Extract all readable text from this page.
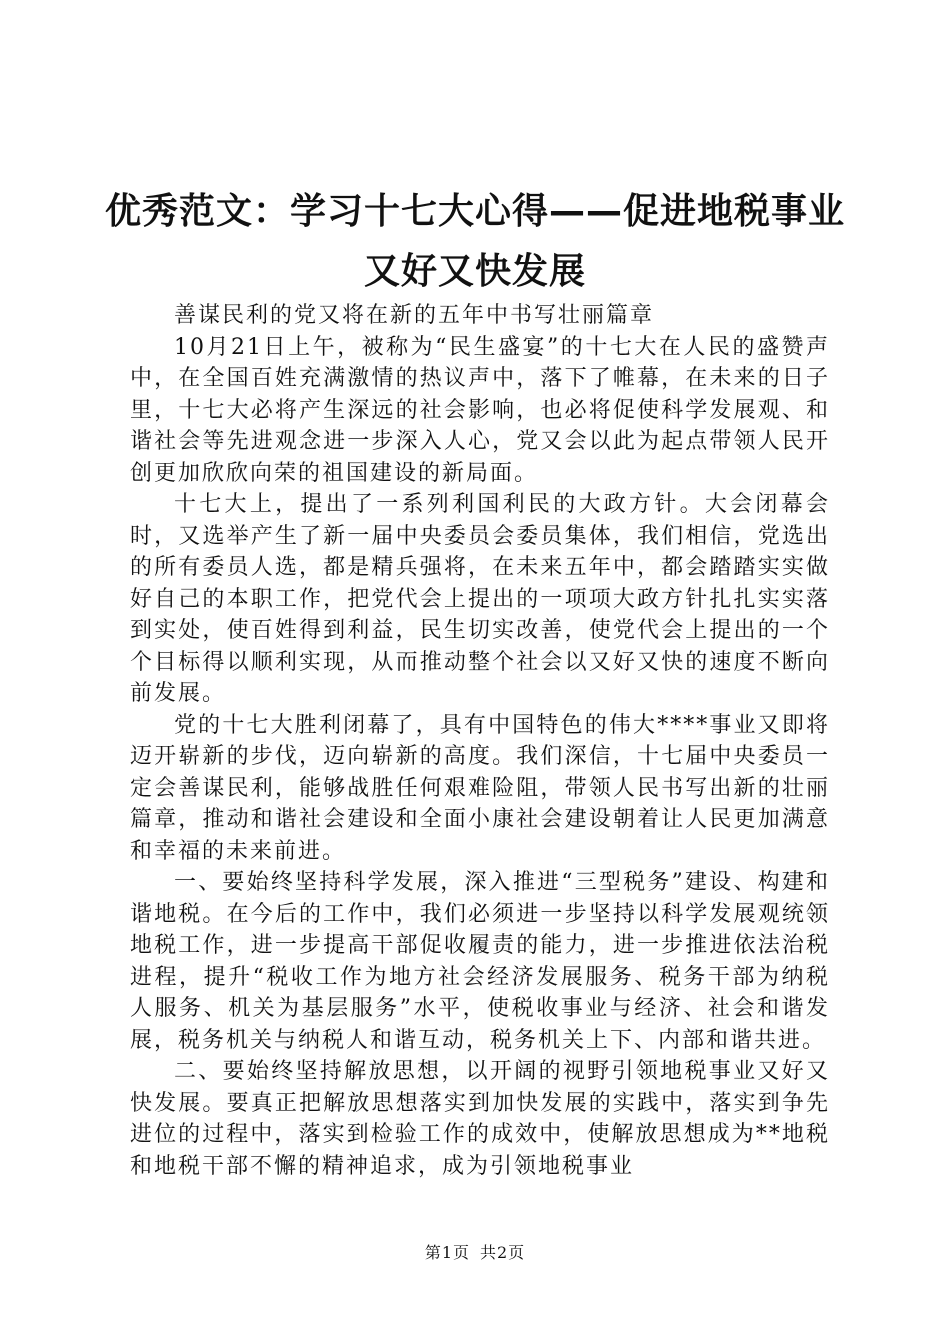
优秀范文：学习十七大心得——促进地税事业
又好又快发展

善谋民利的党又将在新的五年中书写壮丽篇章

10月21日上午，被称为“民生盛宴”的十七大在人民的盛赞声中，在全国百姓充满激情的热议声中，落下了帷幕，在未来的日子里，十七大必将产生深远的社会影响，也必将促使科学发展观、和谐社会等先进观念进一步深入人心，党又会以此为起点带领人民开创更加欣欣向荣的祖国建设的新局面。

十七大上，提出了一系列利国利民的大政方针。大会闭幕会时，又选举产生了新一届中央委员会委员集体，我们相信，党选出的所有委员人选，都是精兵强将，在未来五年中，都会踏踏实实做好自己的本职工作，把党代会上提出的一项项大政方针扎扎实实落到实处，使百姓得到利益，民生切实改善，使党代会上提出的一个个目标得以顺利实现，从而推动整个社会以又好又快的速度不断向前发展。

党的十七大胜利闭幕了，具有中国特色的伟大****事业又即将迈开崭新的步伐，迈向崭新的高度。我们深信，十七届中央委员一定会善谋民利，能够战胜任何艰难险阻，带领人民书写出新的壮丽篇章，推动和谐社会建设和全面小康社会建设朝着让人民更加满意和幸福的未来前进。

一、要始终坚持科学发展，深入推进“三型税务”建设、构建和谐地税。在今后的工作中，我们必须进一步坚持以科学发展观统领地税工作，进一步提高干部促收履责的能力，进一步推进依法治税进程，提升“税收工作为地方社会经济发展服务、税务干部为纳税人服务、机关为基层服务”水平，使税收事业与经济、社会和谐发展，税务机关与纳税人和谐互动，税务机关上下、内部和谐共进。

二、要始终坚持解放思想，以开阔的视野引领地税事业又好又快发展。要真正把解放思想落实到加快发展的实践中，落实到争先进位的过程中，落实到检验工作的成效中，使解放思想成为**地税和地税干部不懈的精神追求，成为引领地税事业

第1页 共2页
